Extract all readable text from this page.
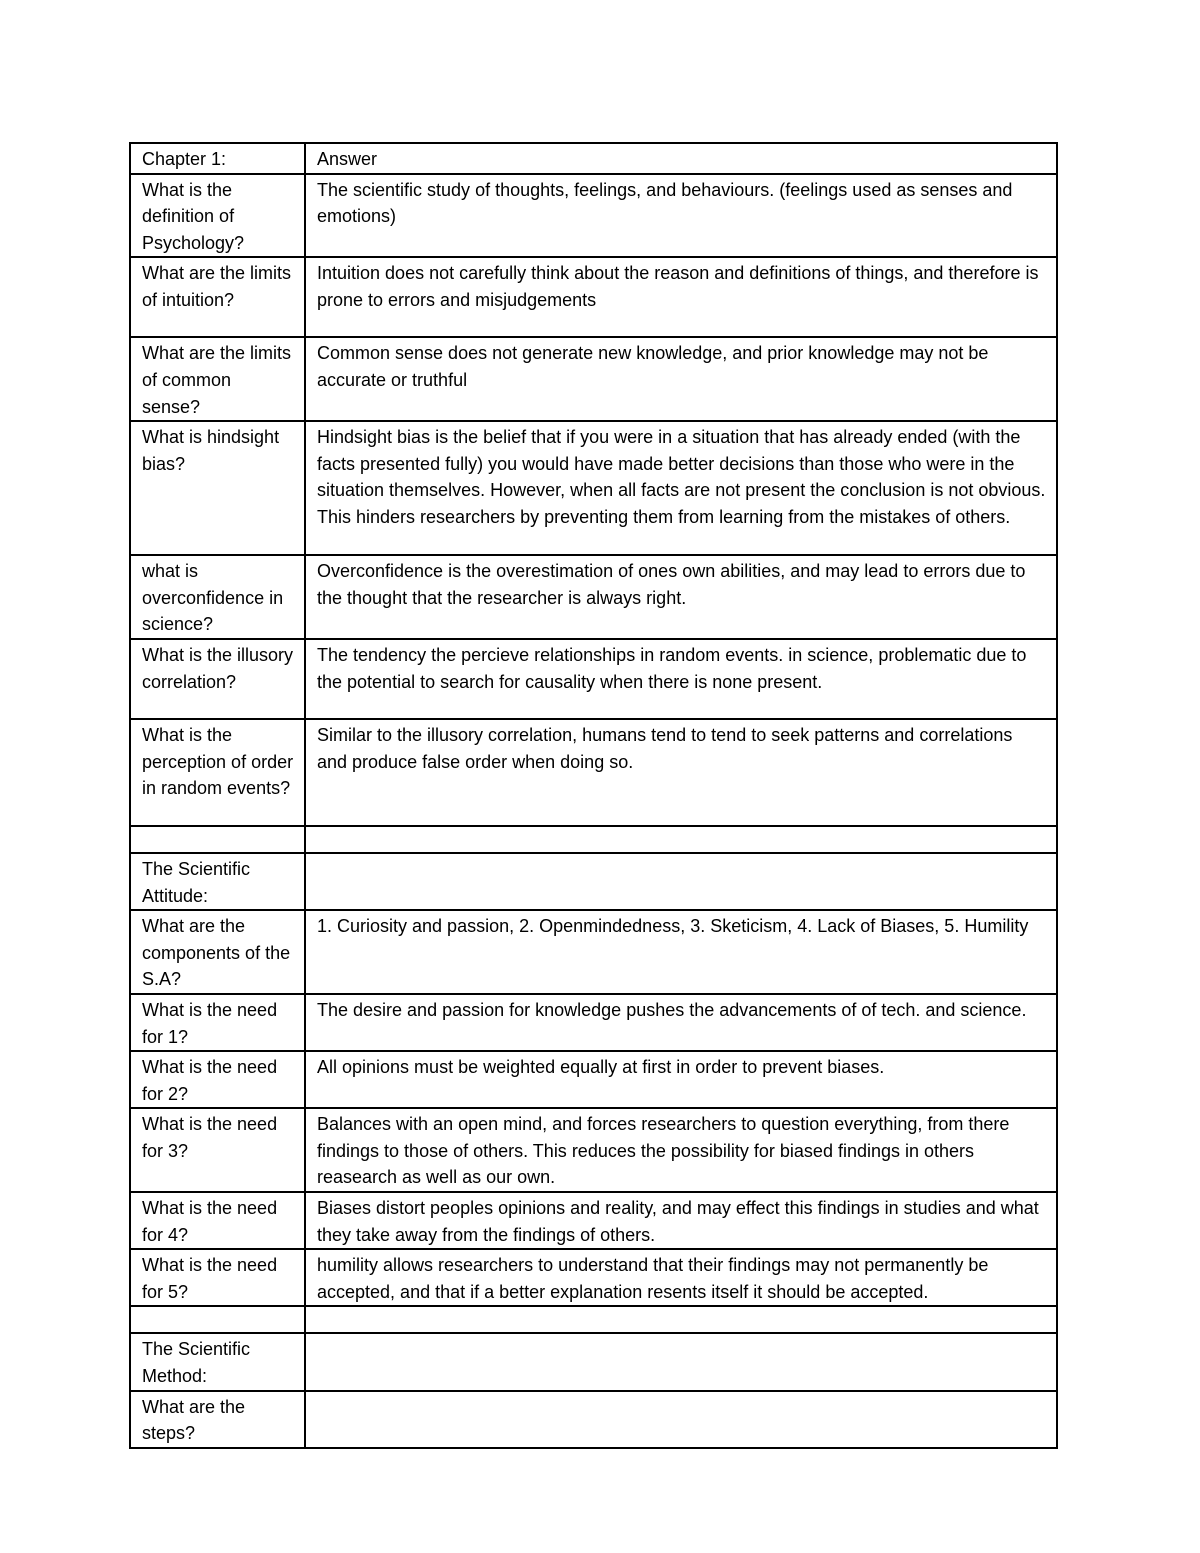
Chapter 1:	Answer
What is the definition of Psychology?	The scientific study of thoughts, feelings, and behaviours. (feelings used as senses and emotions)
What are the limits of intuition?	Intuition does not carefully think about the reason and definitions of things, and therefore is prone to errors and misjudgements
What are the limits of common sense?	Common sense does not generate new knowledge, and prior knowledge may not be accurate or truthful
What is hindsight bias?	Hindsight bias is the belief that if you were in a situation that has already ended (with the facts presented fully) you would have made better decisions than those who were in the situation themselves. However, when all facts are not present the conclusion is not obvious. This hinders researchers by preventing them from learning from the mistakes of others.
what is overconfidence in science?	Overconfidence is the overestimation of ones own abilities, and may lead to errors due to the thought that the researcher is always right.
What is the illusory correlation?	The tendency the percieve relationships in random events. in science, problematic due to the potential to search for causality when there is none present.
What is the perception of order in random events?	Similar to the illusory correlation, humans tend to tend to seek patterns and correlations and produce false order when doing so.

The Scientific Attitude:	
What are the components of the S.A?	1. Curiosity and passion, 2. Openmindedness, 3. Sketicism, 4. Lack of Biases, 5. Humility
What is the need for 1?	The desire and passion for knowledge pushes the advancements of of tech. and science.
What is the need for 2?	All opinions must be weighted equally at first in order to prevent biases.
What is the need for 3?	Balances with an open mind, and forces researchers to question everything, from there findings to those of others. This reduces the possibility for biased findings in others reasearch as well as our own.
What is the need for 4?	Biases distort peoples opinions and reality, and may effect this findings in studies and what they take away from the findings of others.
What is the need for 5?	humility allows researchers to understand that their findings may not permanently be accepted, and that if a better explanation resents itself it should be accepted.

The Scientific Method:	
What are the steps?	
